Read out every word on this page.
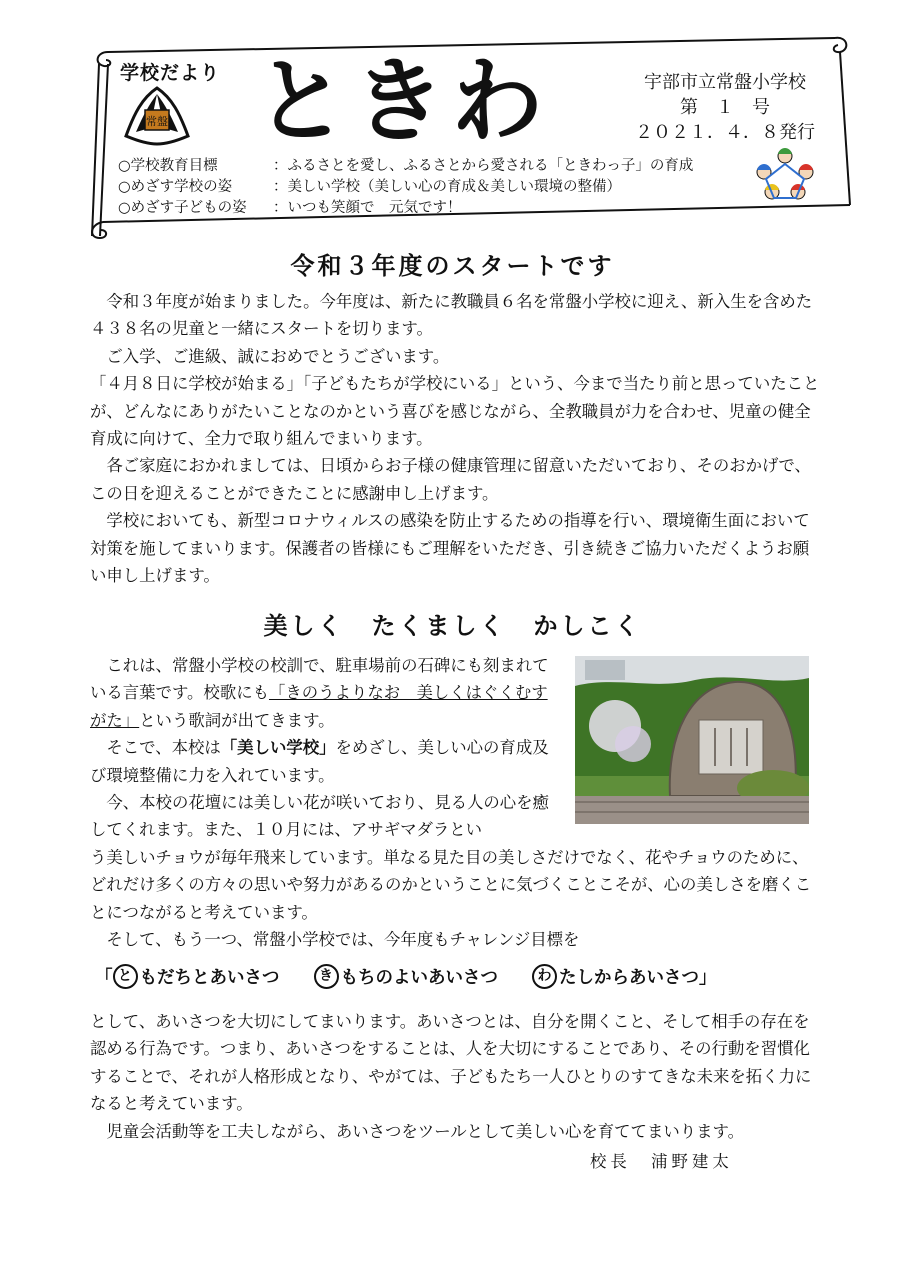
学校だより ときわ
常盤
宇部市立常盤小学校
第　１　号
２０２１．４．８発行
○学校教育目標	：ふるさとを愛し、ふるさとから愛される「ときわっ子」の育成
○めざす学校の姿	：美しい学校（美しい心の育成＆美しい環境の整備）
○めざす子どもの姿	：いつも笑顔で　元気です！
令和３年度のスタートです

　令和３年度が始まりました。今年度は、新たに教職員６名を常盤小学校に迎え、新入生を含めた４３８名の児童と一緒にスタートを切ります。

　ご入学、ご進級、誠におめでとうございます。

「４月８日に学校が始まる」「子どもたちが学校にいる」という、今まで当たり前と思っていたことが、どんなにありがたいことなのかという喜びを感じながら、全教職員が力を合わせ、児童の健全育成に向けて、全力で取り組んでまいります。

　各ご家庭におかれましては、日頃からお子様の健康管理に留意いただいており、そのおかげで、この日を迎えることができたことに感謝申し上げます。

　学校においても、新型コロナウィルスの感染を防止するための指導を行い、環境衛生面において対策を施してまいります。保護者の皆様にもご理解をいただき、引き続きご協力いただくようお願い申し上げます。

美しく　たくましく　かしこく

　これは、常盤小学校の校訓で、駐車場前の石碑にも刻まれている言葉です。校歌にも「きのうよりなお　美しくはぐくむすがた」という歌詞が出てきます。

　そこで、本校は「美しい学校」をめざし、美しい心の育成及び環境整備に力を入れています。

　今、本校の花壇には美しい花が咲いており、見る人の心を癒してくれます。また、１０月には、アサギマダラとい

う美しいチョウが毎年飛来しています。単なる見た目の美しさだけでなく、花やチョウのために、どれだけ多くの方々の思いや努力があるのかということに気づくことこそが、心の美しさを磨くことにつながると考えています。

　そして、もう一つ、常盤小学校では、今年度もチャレンジ目標を

「 と もだちとあいさつ	き もちのよいあいさつ	わ たしからあいさつ 」

として、あいさつを大切にしてまいります。あいさつとは、自分を開くこと、そして相手の存在を認める行為です。つまり、あいさつをすることは、人を大切にすることであり、その行動を習慣化することで、それが人格形成となり、やがては、子どもたち一人ひとりのすてきな未来を拓く力になると考えています。

　児童会活動等を工夫しながら、あいさつをツールとして美しい心を育ててまいります。

校長　浦野建太
